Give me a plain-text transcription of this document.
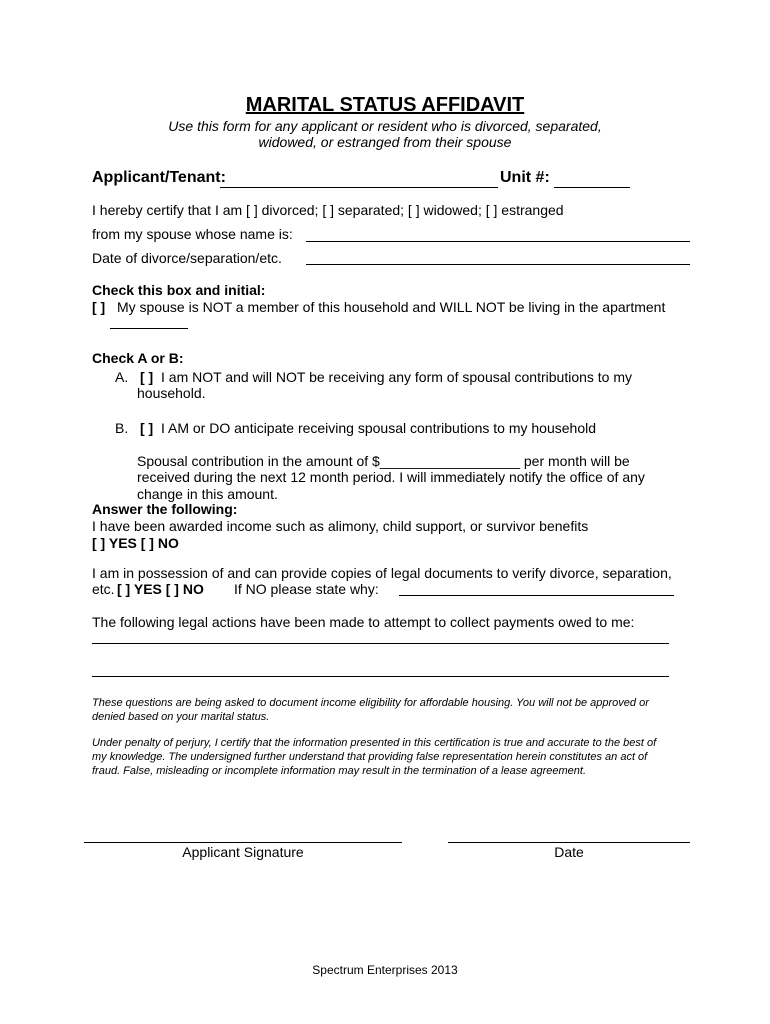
MARITAL STATUS AFFIDAVIT
Use this form for any applicant or resident who is divorced, separated,
widowed, or estranged from their spouse
Applicant/Tenant:	Unit #:
I hereby certify that I am [ ] divorced; [ ] separated; [ ] widowed; [ ] estranged
from my spouse whose name is:
Date of divorce/separation/etc.
Check this box and initial:
[ ] My spouse is NOT a member of this household and WILL NOT be living in the apartment
Check A or B:
A. [ ] I am NOT and will NOT be receiving any form of spousal contributions to my
household.
B. [ ] I AM or DO anticipate receiving spousal contributions to my household
Spousal contribution in the amount of $__________________ per month will be
received during the next 12 month period. I will immediately notify the office of any
change in this amount.
Answer the following:
I have been awarded income such as alimony, child support, or survivor benefits
[ ] YES [ ] NO
I am in possession of and can provide copies of legal documents to verify divorce, separation,
etc. [ ] YES [ ] NO If NO please state why:
The following legal actions have been made to attempt to collect payments owed to me:
These questions are being asked to document income eligibility for affordable housing. You will not be approved or
denied based on your marital status.
Under penalty of perjury, I certify that the information presented in this certification is true and accurate to the best of
my knowledge. The undersigned further understand that providing false representation herein constitutes an act of
fraud. False, misleading or incomplete information may result in the termination of a lease agreement.
Applicant Signature	Date
Spectrum Enterprises 2013
